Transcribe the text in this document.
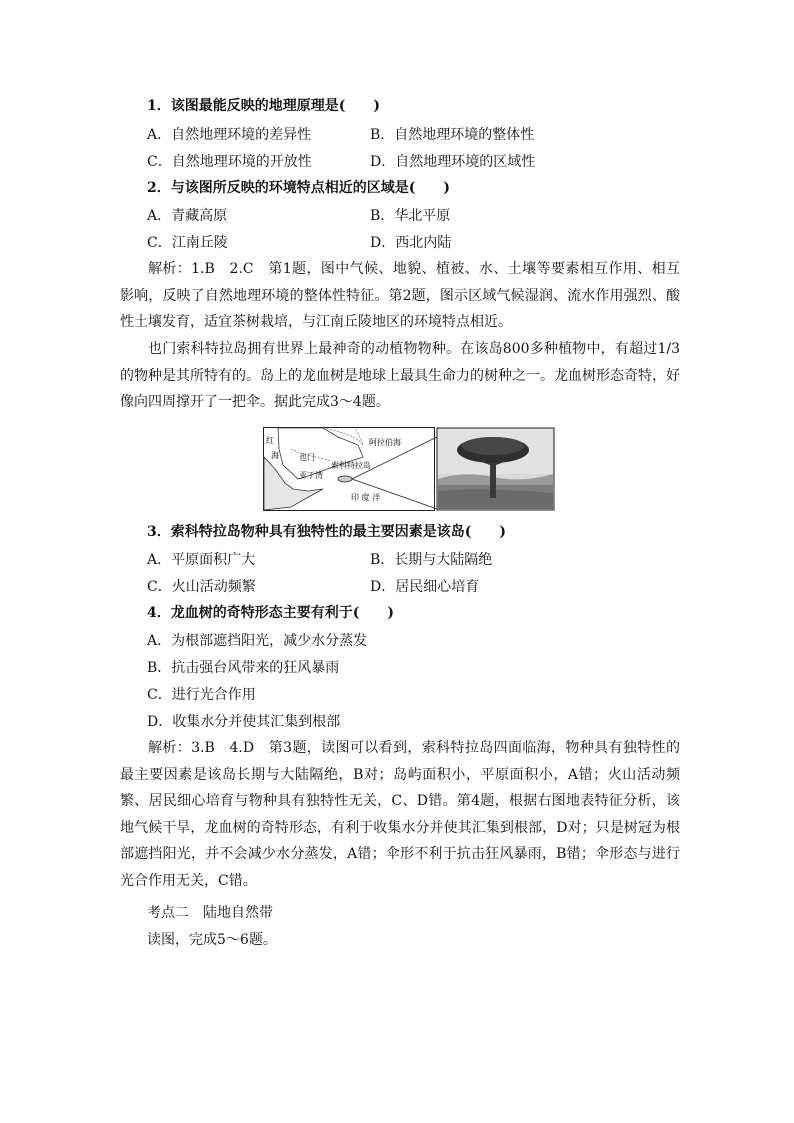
1．该图最能反映的地理原理是(　　)
A．自然地理环境的差异性	B．自然地理环境的整体性
C．自然地理环境的开放性	D．自然地理环境的区域性
2．与该图所反映的环境特点相近的区域是(　　)
A．青藏高原	B．华北平原
C．江南丘陵	D．西北内陆
解析：1.B　2.C　第1题，图中气候、地貌、植被、水、土壤等要素相互作用、相互影响，反映了自然地理环境的整体性特征。第2题，图示区域气候湿润、流水作用强烈、酸性土壤发育，适宜茶树栽培，与江南丘陵地区的环境特点相近。
也门索科特拉岛拥有世界上最神奇的动植物物种。在该岛800多种植物中，有超过1/3的物种是其所特有的。岛上的龙血树是地球上最具生命力的树种之一。龙血树形态奇特，好像向四周撑开了一把伞。据此完成3～4题。
红
海	也门
阿拉伯海
索科特拉岛
亚丁湾
印 度 洋
3．索科特拉岛物种具有独特性的最主要因素是该岛(　　)
A．平原面积广大	B．长期与大陆隔绝
C．火山活动频繁	D．居民细心培育
4．龙血树的奇特形态主要有利于(　　)
A．为根部遮挡阳光，减少水分蒸发
B．抗击强台风带来的狂风暴雨
C．进行光合作用
D．收集水分并使其汇集到根部
解析：3.B　4.D　第3题，读图可以看到，索科特拉岛四面临海，物种具有独特性的最主要因素是该岛长期与大陆隔绝，B对；岛屿面积小，平原面积小，A错；火山活动频繁、居民细心培育与物种具有独特性无关，C、D错。第4题，根据右图地表特征分析，该地气候干旱，龙血树的奇特形态，有利于收集水分并使其汇集到根部，D对；只是树冠为根部遮挡阳光，并不会减少水分蒸发，A错；伞形不利于抗击狂风暴雨，B错；伞形态与进行光合作用无关，C错。
考点二　陆地自然带
读图，完成5～6题。
